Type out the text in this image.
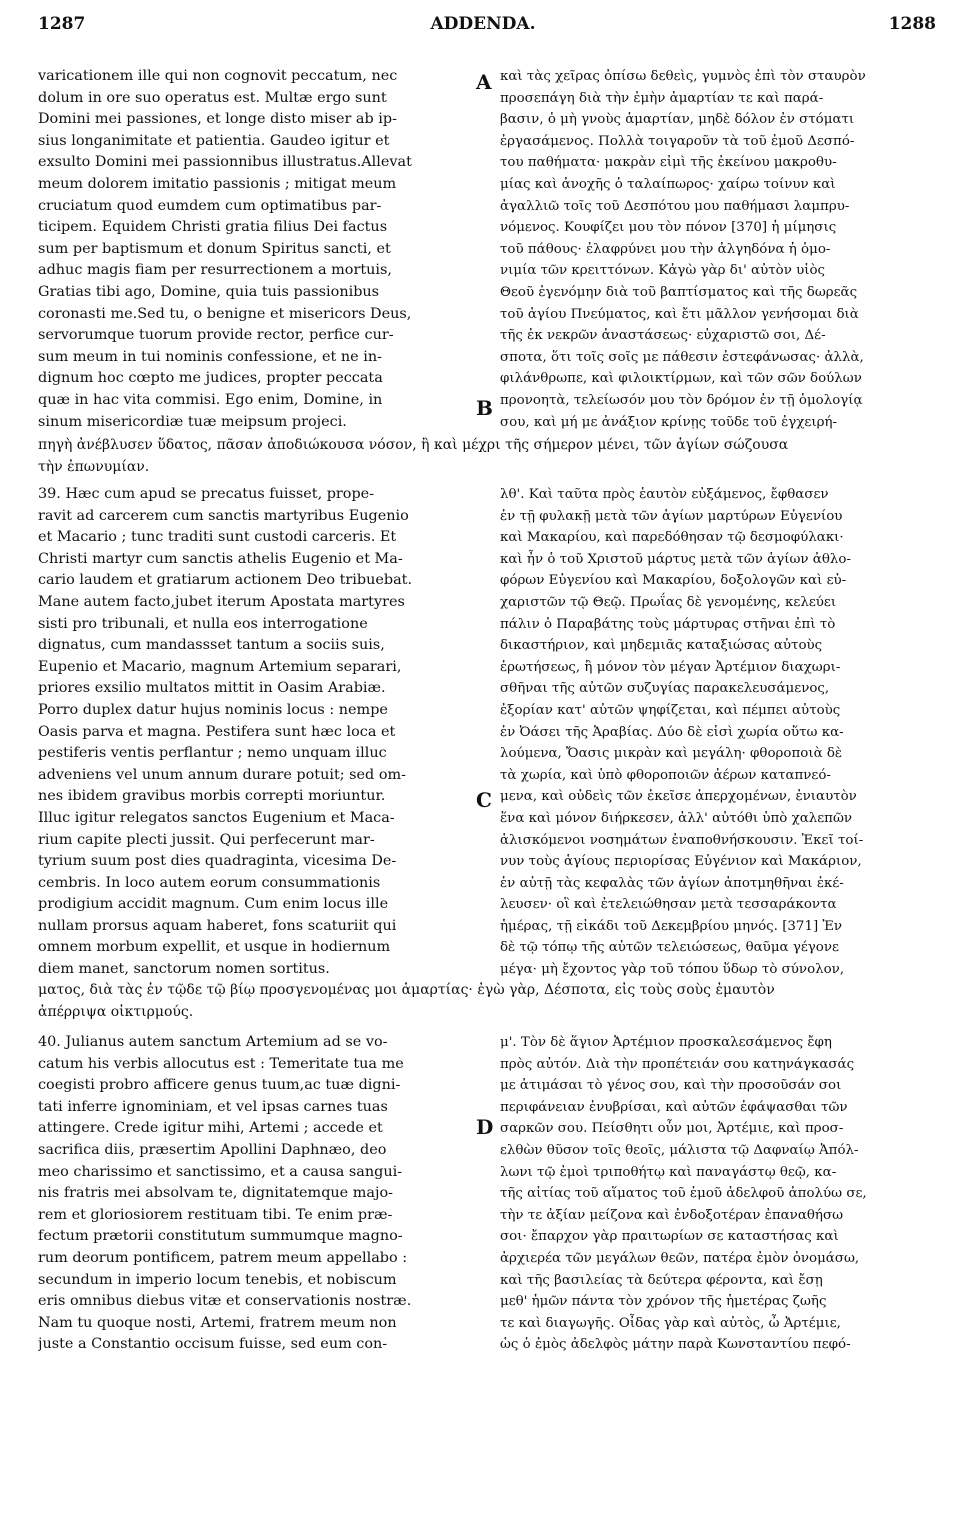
1287	ADDENDA.	1288
A
B
C
D
varicationem ille qui non cognovit peccatum, nec
dolum in ore suo operatus est. Multæ ergo sunt
Domini mei passiones, et longe disto miser ab ip-
sius longanimitate et patientia. Gaudeo igitur et
exsulto Domini mei passionnibus illustratus.Allevat
meum dolorem imitatio passionis ; mitigat meum
cruciatum quod eumdem cum optimatibus par-
ticipem. Equidem Christi gratia filius Dei factus
sum per baptismum et donum Spiritus sancti, et
adhuc magis fiam per resurrectionem a mortuis,
Gratias tibi ago, Domine, quia tuis passionibus
coronasti me.Sed tu, o benigne et misericors Deus,
servorumque tuorum provide rector, perfice cur-
sum meum in tui nominis confessione, et ne in-
dignum hoc cœpto me judices, propter peccata
quæ in hac vita commisi. Ego enim, Domine, in
sinum misericordiæ tuæ meipsum projeci.
καὶ τὰς χεῖρας ὀπίσω δεθεὶς, γυμνὸς ἐπὶ τὸν σταυρὸν
προσεπάγη διὰ τὴν ἐμὴν ἁμαρτίαν τε καὶ παρά-
βασιν, ὁ μὴ γνοὺς ἁμαρτίαν, μηδὲ δόλον ἐν στόματι
ἐργασάμενος. Πολλὰ τοιγαροῦν τὰ τοῦ ἐμοῦ Δεσπό-
του παθήματα· μακρὰν εἰμὶ τῆς ἐκείνου μακροθυ-
μίας καὶ ἀνοχῆς ὁ ταλαίπωρος· χαίρω τοίνυν καὶ
ἀγαλλιῶ τοῖς τοῦ Δεσπότου μου παθήμασι λαμπρυ-
νόμενος. Κουφίζει μου τὸν πόνον [370] ἡ μίμησις
τοῦ πάθους· ἐλαφρύνει μου τὴν ἀλγηδόνα ἡ ὁμο-
νιμία τῶν κρειττόνων. Κἀγὼ γὰρ δι' αὐτὸν υἱὸς
Θεοῦ ἐγενόμην διὰ τοῦ βαπτίσματος καὶ τῆς δωρεᾶς
τοῦ ἁγίου Πνεύματος, καὶ ἔτι μᾶλλον γενήσομαι διὰ
τῆς ἐκ νεκρῶν ἀναστάσεως· εὐχαριστῶ σοι, Δέ-
σποτα, ὅτι τοῖς σοῖς με πάθεσιν ἐστεφάνωσας· ἀλλὰ,
φιλάνθρωπε, καὶ φιλοικτίρμων, καὶ τῶν σῶν δούλων
προνοητὰ, τελείωσόν μου τὸν δρόμον ἐν τῇ ὁμολογίᾳ
σου, καὶ μή με ἀνάξιον κρίνῃς τοῦδε τοῦ ἐγχειρή-
πηγὴ ἀνέβλυσεν ὕδατος, πᾶσαν ἀποδιώκουσα νόσον, ἢ καὶ μέχρι τῆς σήμερον μένει, τῶν ἁγίων σώζουσα
τὴν ἐπωνυμίαν.
39. Hæc cum apud se precatus fuisset, prope-
ravit ad carcerem cum sanctis martyribus Eugenio
et Macario ; tunc traditi sunt custodi carceris. Et
Christi martyr cum sanctis athelis Eugenio et Ma-
cario laudem et gratiarum actionem Deo tribuebat.
Mane autem facto,jubet iterum Apostata martyres
sisti pro tribunali, et nulla eos interrogatione
dignatus, cum mandassset tantum a sociis suis,
Eupenio et Macario, magnum Artemium separari,
priores exsilio multatos mittit in Oasim Arabiæ.
Porro duplex datur hujus nominis locus : nempe
Oasis parva et magna. Pestifera sunt hæc loca et
pestiferis ventis perflantur ; nemo unquam illuc
adveniens vel unum annum durare potuit; sed om-
nes ibidem gravibus morbis correpti moriuntur.
Illuc igitur relegatos sanctos Eugenium et Maca-
rium capite plecti jussit. Qui perfecerunt mar-
tyrium suum post dies quadraginta, vicesima De-
cembris. In loco autem eorum consummationis
prodigium accidit magnum. Cum enim locus ille
nullam prorsus aquam haberet, fons scaturiit qui
omnem morbum expellit, et usque in hodiernum
diem manet, sanctorum nomen sortitus.
λθ'. Καὶ ταῦτα πρὸς ἑαυτὸν εὐξάμενος, ἔφθασεν
ἐν τῇ φυλακῇ μετὰ τῶν ἁγίων μαρτύρων Εὐγενίου
καὶ Μακαρίου, καὶ παρεδόθησαν τῷ δεσμοφύλακι·
καὶ ἦν ὁ τοῦ Χριστοῦ μάρτυς μετὰ τῶν ἁγίων ἀθλο-
φόρων Εὐγενίου καὶ Μακαρίου, δοξολογῶν καὶ εὐ-
χαριστῶν τῷ Θεῷ. Πρωΐας δὲ γενομένης, κελεύει
πάλιν ὁ Παραβάτης τοὺς μάρτυρας στῆναι ἐπὶ τὸ
δικαστήριον, καὶ μηδεμιᾶς καταξιώσας αὐτοὺς
ἐρωτήσεως, ἢ μόνον τὸν μέγαν Ἀρτέμιον διαχωρι-
σθῆναι τῆς αὐτῶν συζυγίας παρακελευσάμενος,
ἐξορίαν κατ' αὐτῶν ψηφίζεται, καὶ πέμπει αὐτοὺς
ἐν Ὀάσει τῆς Ἀραβίας. Δύο δὲ εἰσὶ χωρία οὕτω κα-
λούμενα, Ὄασις μικρὰν καὶ μεγάλη· φθοροποιὰ δὲ
τὰ χωρία, καὶ ὑπὸ φθοροποιῶν ἀέρων καταπνεό-
μενα, καὶ οὐδεὶς τῶν ἐκεῖσε ἀπερχομένων, ἐνιαυτὸν
ἕνα καὶ μόνον διήρκεσεν, ἀλλ' αὐτόθι ὑπὸ χαλεπῶν
ἁλισκόμενοι νοσημάτων ἐναποθνήσκουσιν. Ἐκεῖ τοί-
νυν τοὺς ἁγίους περιορίσας Εὐγένιον καὶ Μακάριον,
ἐν αὐτῇ τὰς κεφαλὰς τῶν ἁγίων ἀποτμηθῆναι ἐκέ-
λευσεν· οἳ καὶ ἐτελειώθησαν μετὰ τεσσαράκοντα
ἡμέρας, τῇ εἰκάδι τοῦ Δεκεμβρίου μηνός. [371] Ἐν
δὲ τῷ τόπῳ τῆς αὐτῶν τελειώσεως, θαῦμα γέγονε
μέγα· μὴ ἔχοντος γὰρ τοῦ τόπου ὕδωρ τὸ σύνολον,
ματος, διὰ τὰς ἐν τῷδε τῷ βίῳ προσγενομένας μοι ἁμαρτίας· ἐγὼ γὰρ, Δέσποτα, εἰς τοὺς σοὺς ἐμαυτὸν
ἀπέρριψα οἰκτιρμούς.
40. Julianus autem sanctum Artemium ad se vo-
catum his verbis allocutus est : Temeritate tua me
coegisti probro afficere genus tuum,ac tuæ digni-
tati inferre ignominiam, et vel ipsas carnes tuas
attingere. Crede igitur mihi, Artemi ; accede et
sacrifica diis, præsertim Apollini Daphnæo, deo
meo charissimo et sanctissimo, et a causa sangui-
nis fratris mei absolvam te, dignitatemque majo-
rem et gloriosiorem restituam tibi. Te enim præ-
fectum prætorii constitutum summumque magno-
rum deorum pontificem, patrem meum appellabo :
secundum in imperio locum tenebis, et nobiscum
eris omnibus diebus vitæ et conservationis nostræ.
Nam tu quoque nosti, Artemi, fratrem meum non
juste a Constantio occisum fuisse, sed eum con-
μ'. Τὸν δὲ ἅγιον Ἀρτέμιον προσκαλεσάμενος ἔφη
πρὸς αὐτόν. Διὰ τὴν προπέτειάν σου κατηνάγκασάς
με ἀτιμάσαι τὸ γένος σου, καὶ τὴν προσοῦσάν σοι
περιφάνειαν ἐνυβρίσαι, καὶ αὐτῶν ἐφάψασθαι τῶν
σαρκῶν σου. Πείσθητι οὖν μοι, Ἀρτέμιε, καὶ προσ-
ελθὼν θῦσον τοῖς θεοῖς, μάλιστα τῷ Δαφναίῳ Ἀπόλ-
λωνι τῷ ἐμοὶ τριποθήτῳ καὶ παναγάστῳ θεῷ, κα-
τῆς αἰτίας τοῦ αἵματος τοῦ ἐμοῦ ἀδελφοῦ ἀπολύω σε,
τὴν τε ἀξίαν μείζονα καὶ ἐνδοξοτέραν ἐπαναθήσω
σοι· ἔπαρχον γὰρ πραιτωρίων σε καταστήσας καὶ
ἀρχιερέα τῶν μεγάλων θεῶν, πατέρα ἐμὸν ὀνομάσω,
καὶ τῆς βασιλείας τὰ δεύτερα φέροντα, καὶ ἔσῃ
μεθ' ἡμῶν πάντα τὸν χρόνον τῆς ἡμετέρας ζωῆς
τε καὶ διαγωγῆς. Οἶδας γὰρ καὶ αὐτὸς, ὦ Ἀρτέμιε,
ὡς ὁ ἐμὸς ἀδελφὸς μάτην παρὰ Κωνσταντίου πεφό-
